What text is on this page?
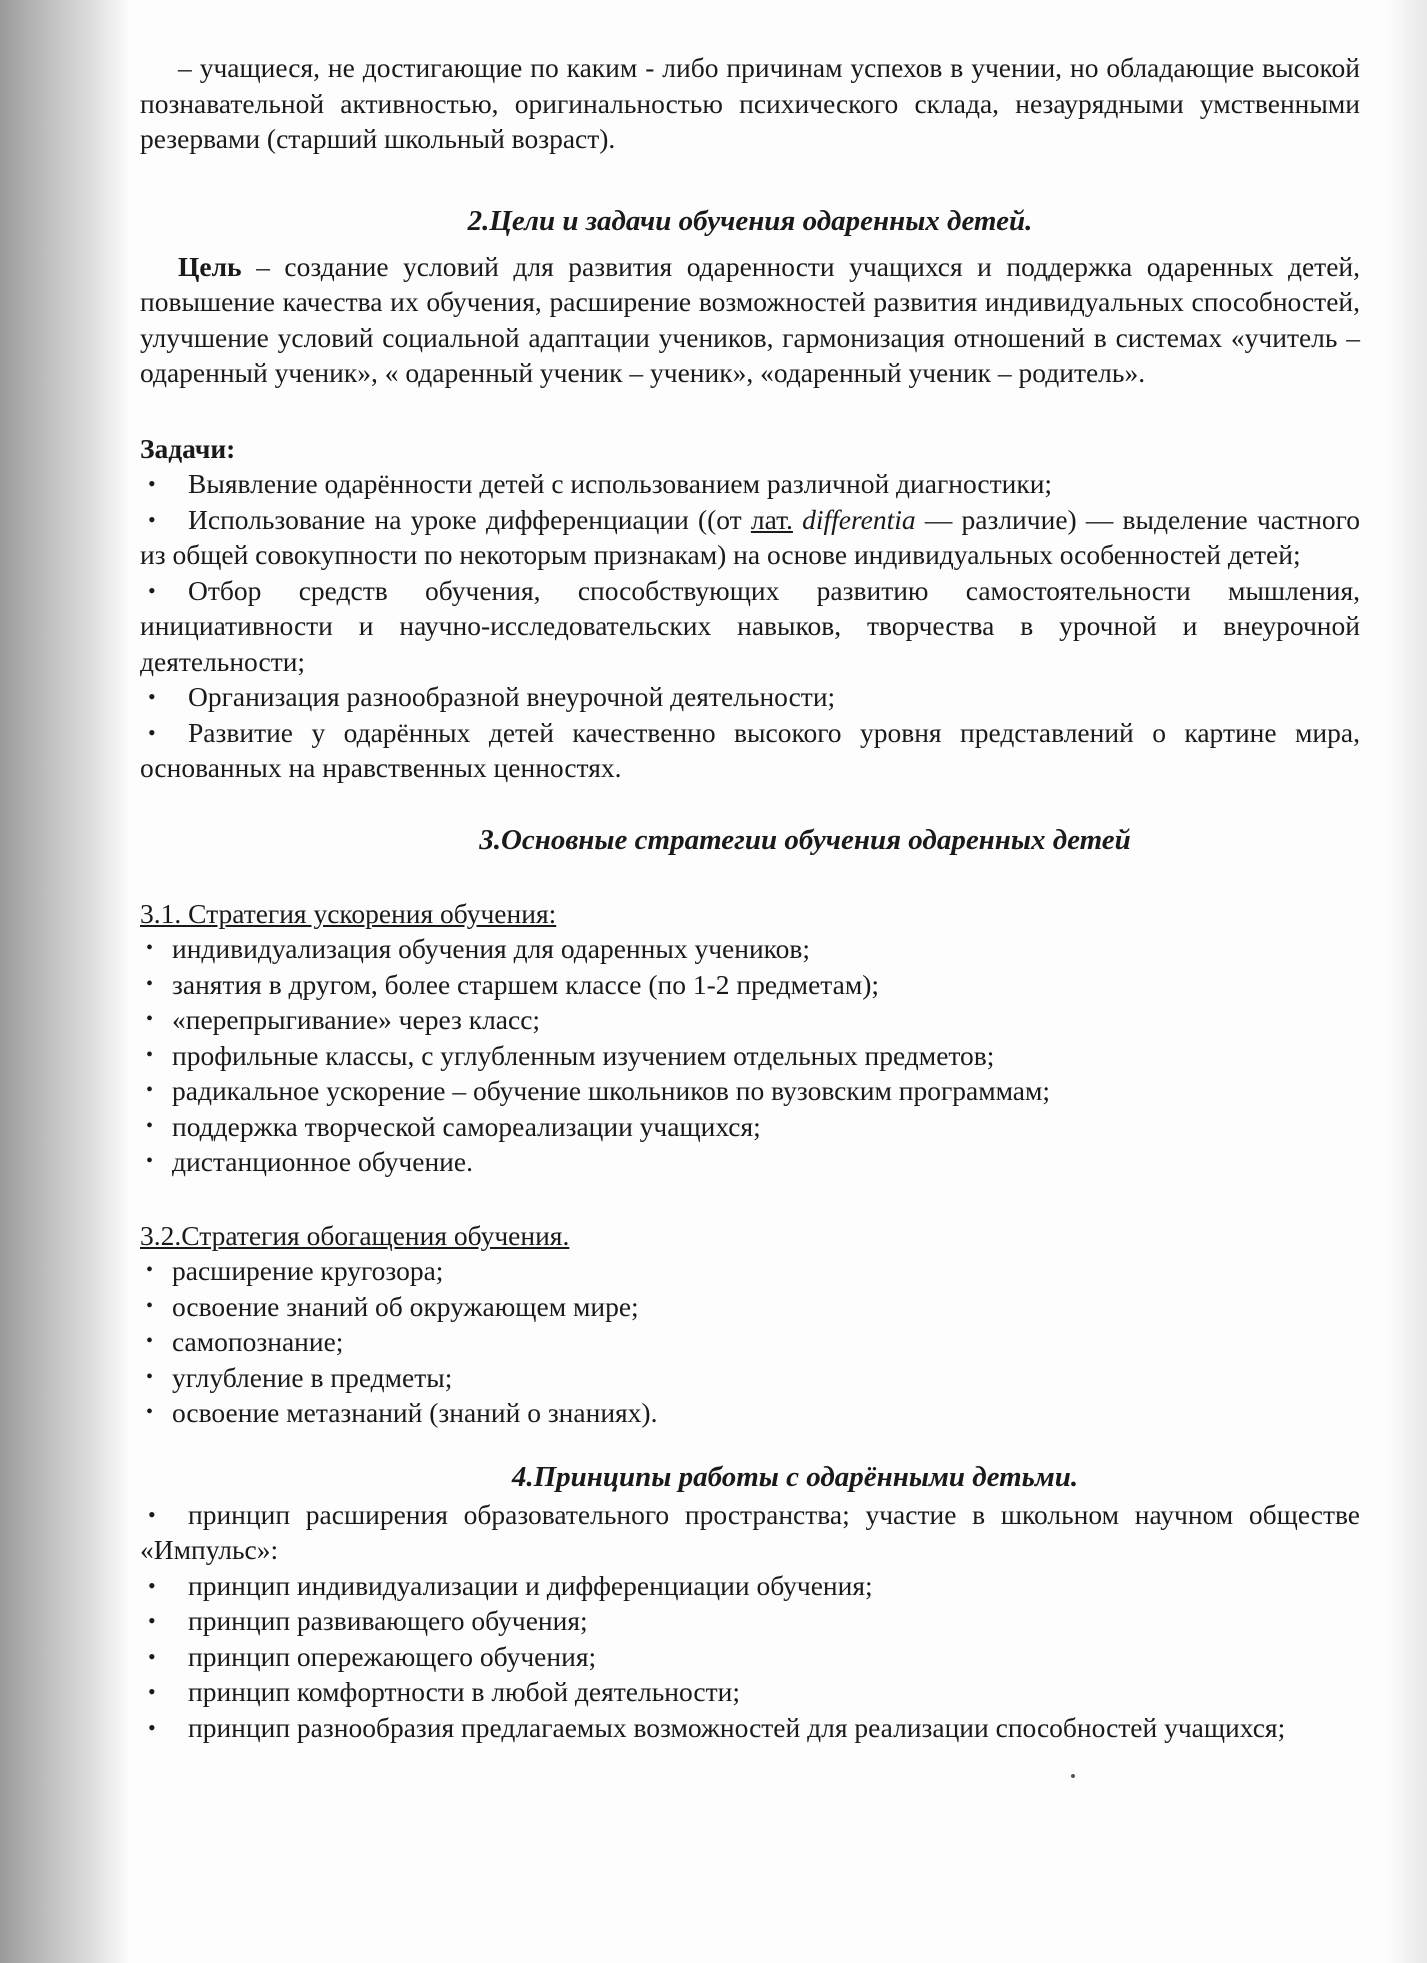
– учащиеся, не достигающие по каким - либо причинам успехов в учении, но обладающие высокой познавательной активностью, оригинальностью психического склада, незаурядными умственными резервами (старший школьный возраст).

2.Цели и задачи обучения одаренных детей.

Цель – создание условий для развития одаренности учащихся и поддержка одаренных детей, повышение качества их обучения, расширение возможностей развития индивидуальных способностей, улучшение условий социальной адаптации учеников, гармонизация отношений в системах «учитель – одаренный ученик», « одаренный ученик – ученик», «одаренный ученик – родитель».

Задачи:

• Выявление одарённости детей с использованием различной диагностики;
• Использование на уроке дифференциации ((от лат. differentia — различие) — выделение частного из общей совокупности по некоторым признакам) на основе индивидуальных особенностей детей;
• Отбор средств обучения, способствующих развитию самостоятельности мышления, инициативности и научно-исследовательских навыков, творчества в урочной и внеурочной деятельности;
• Организация разнообразной внеурочной деятельности;
• Развитие у одарённых детей качественно высокого уровня представлений о картине мира, основанных на нравственных ценностях.
3.Основные стратегии обучения одаренных детей

3.1. Стратегия ускорения обучения:

• индивидуализация обучения для одаренных учеников;
• занятия в другом, более старшем классе (по 1-2 предметам);
• «перепрыгивание» через класс;
• профильные классы, с углубленным изучением отдельных предметов;
• радикальное ускорение – обучение школьников по вузовским программам;
• поддержка творческой самореализации учащихся;
• дистанционное обучение.

3.2.Стратегия обогащения обучения.

• расширение кругозора;
• освоение знаний об окружающем мире;
• самопознание;
• углубление в предметы;
• освоение метазнаний (знаний о знаниях).
4.Принципы работы с одарёнными детьми.
• принцип расширения образовательного пространства; участие в школьном научном обществе «Импульс»:
• принцип индивидуализации и дифференциации обучения;
• принцип развивающего обучения;
• принцип опережающего обучения;
• принцип комфортности в любой деятельности;
• принцип разнообразия предлагаемых возможностей для реализации способностей учащихся;
